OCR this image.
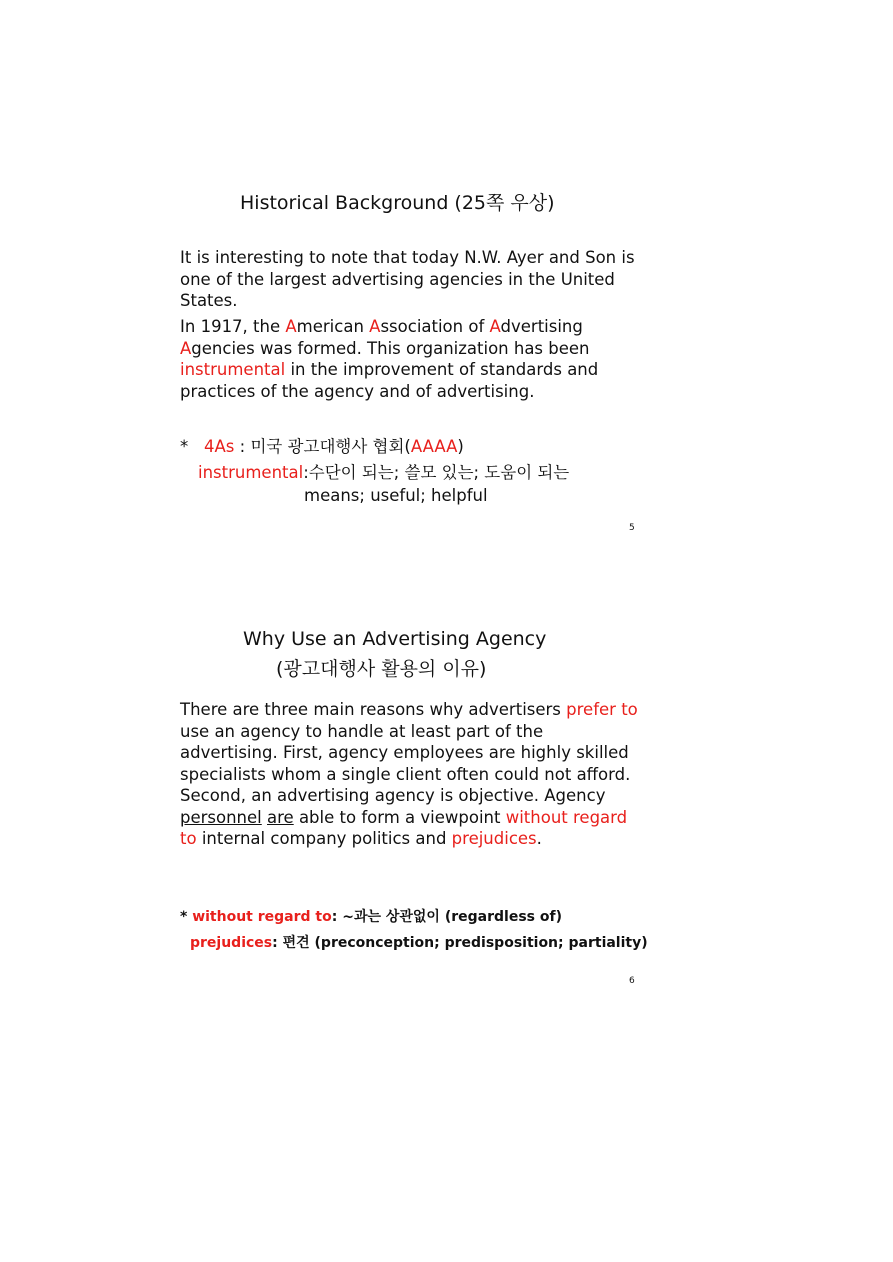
Historical Background (25쪽 우상)
It is interesting to note that today N.W. Ayer and Son is one of the largest advertising agencies in the United States.
In 1917, the American Association of Advertising Agencies was formed. This organization has been instrumental in the improvement of standards and practices of the agency and of advertising.
* 4As : 미국 광고대행사 협회(AAAA)
instrumental:수단이 되는; 쓸모 있는; 도움이 되는
means; useful; helpful
5
Why Use an Advertising Agency
(광고대행사 활용의 이유)
There are three main reasons why advertisers prefer to use an agency to handle at least part of the advertising. First, agency employees are highly skilled specialists whom a single client often could not afford. Second, an advertising agency is objective. Agency personnel are able to form a viewpoint without regard to internal company politics and prejudices.
* without regard to: ~과는 상관없이 (regardless of)
prejudices: 편견 (preconception; predisposition; partiality)
6
